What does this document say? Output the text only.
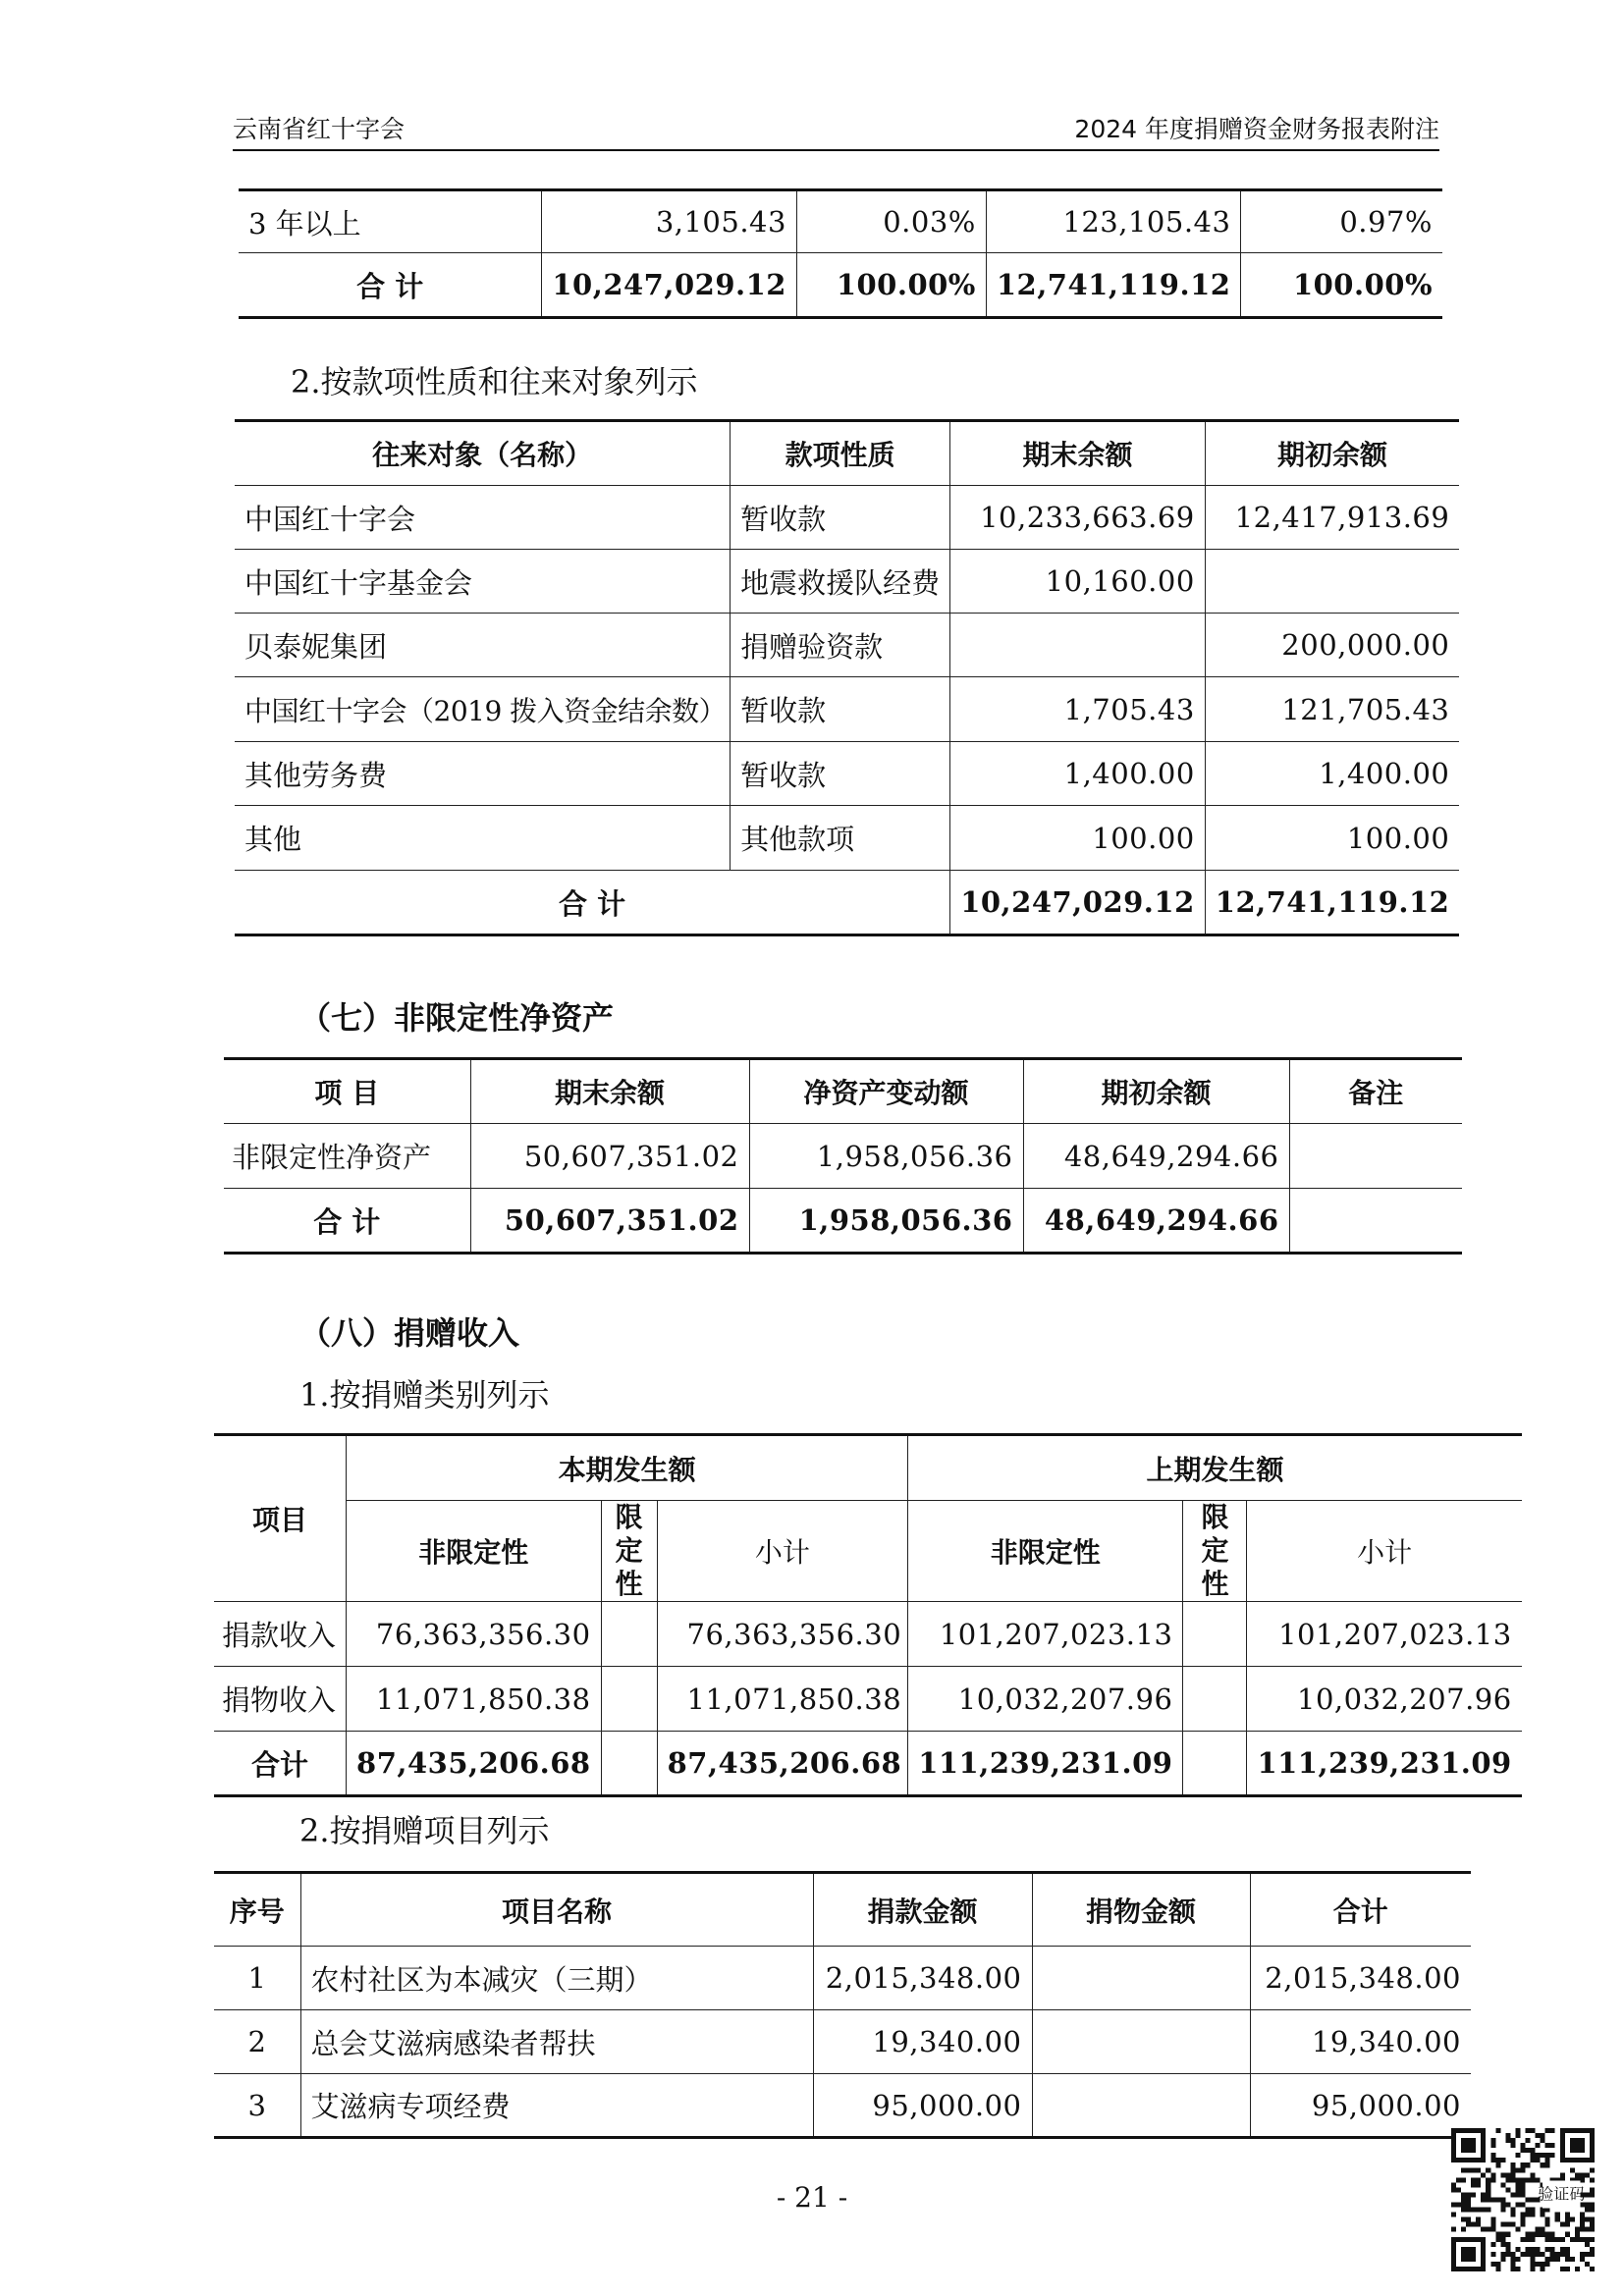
云南省红十字会	2024 年度捐赠资金财务报表附注
3 年以上	3,105.43	0.03%	123,105.43	0.97%
合 计	10,247,029.12	100.00%	12,741,119.12	100.00%
2.按款项性质和往来对象列示
往来对象（名称）	款项性质	期末余额	期初余额
中国红十字会	暂收款	10,233,663.69	12,417,913.69
中国红十字基金会	地震救援队经费	10,160.00	
贝泰妮集团	捐赠验资款		200,000.00
中国红十字会（2019 拨入资金结余数）	暂收款	1,705.43	121,705.43
其他劳务费	暂收款	1,400.00	1,400.00
其他	其他款项	100.00	100.00
合 计		10,247,029.12	12,741,119.12
（七）非限定性净资产
项 目	期末余额	净资产变动额	期初余额	备注
非限定性净资产	50,607,351.02	1,958,056.36	48,649,294.66	
合 计	50,607,351.02	1,958,056.36	48,649,294.66	
（八）捐赠收入
1.按捐赠类别列示
项目	本期发生额			上期发生额		
	非限定性	限定性	小计	非限定性	限定性	小计
捐款收入	76,363,356.30		76,363,356.30	101,207,023.13		101,207,023.13
捐物收入	11,071,850.38		11,071,850.38	10,032,207.96		10,032,207.96
合计	87,435,206.68		87,435,206.68	111,239,231.09		111,239,231.09
2.按捐赠项目列示
序号	项目名称	捐款金额	捐物金额	合计
1	农村社区为本减灾（三期）	2,015,348.00		2,015,348.00
2	总会艾滋病感染者帮扶	19,340.00		19,340.00
3	艾滋病专项经费	95,000.00		95,000.00
- 21 -	验证码
